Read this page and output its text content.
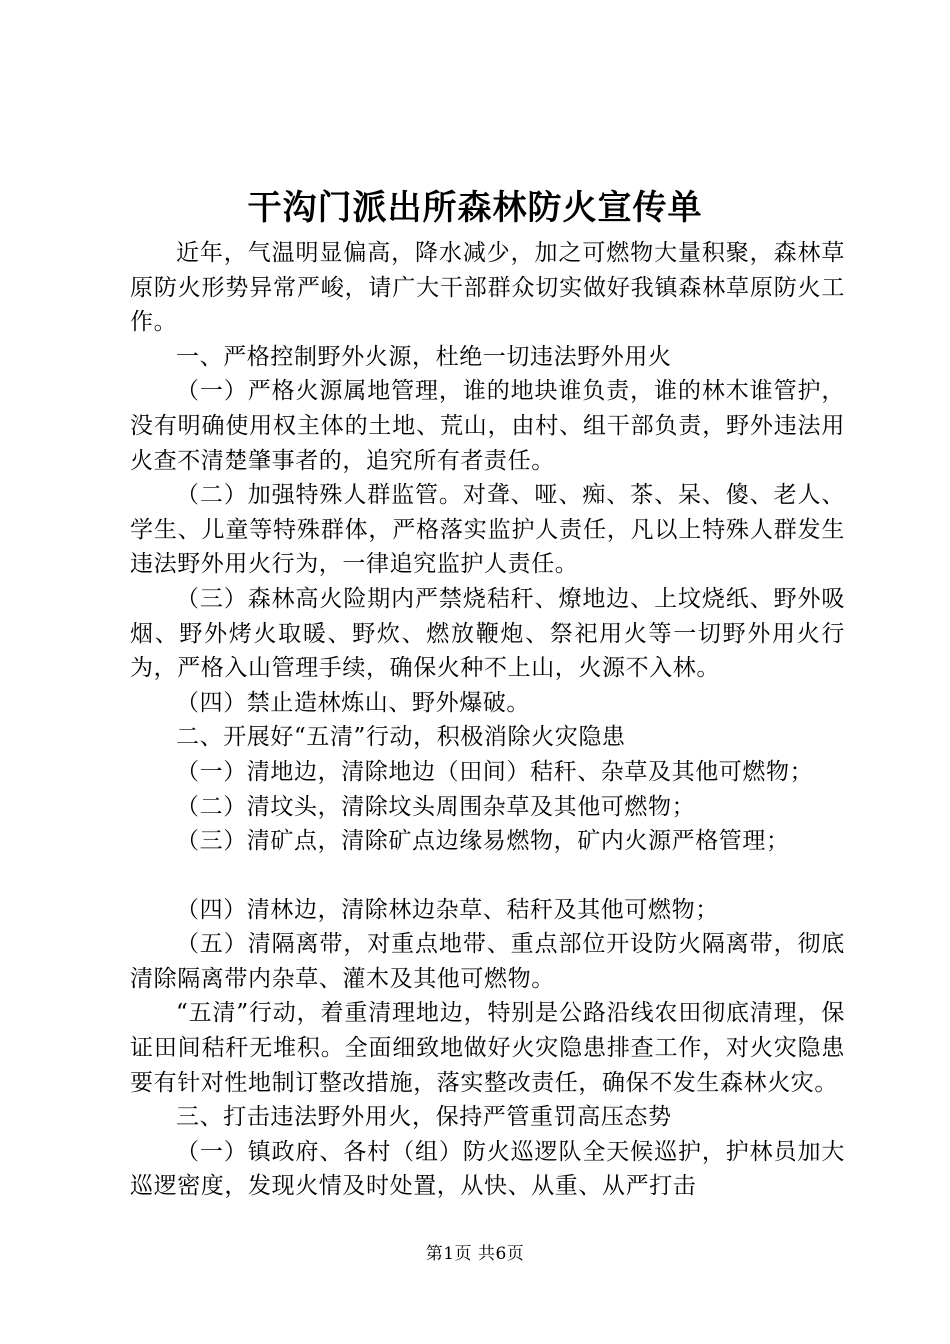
干沟门派出所森林防火宣传单

近年，气温明显偏高，降水减少，加之可燃物大量积聚，森林草原防火形势异常严峻，请广大干部群众切实做好我镇森林草原防火工作。

一、严格控制野外火源，杜绝一切违法野外用火

（一）严格火源属地管理，谁的地块谁负责，谁的林木谁管护，没有明确使用权主体的土地、荒山，由村、组干部负责，野外违法用火查不清楚肇事者的，追究所有者责任。

（二）加强特殊人群监管。对聋、哑、痴、茶、呆、傻、老人、学生、儿童等特殊群体，严格落实监护人责任，凡以上特殊人群发生违法野外用火行为，一律追究监护人责任。

（三）森林高火险期内严禁烧秸秆、燎地边、上坟烧纸、野外吸烟、野外烤火取暖、野炊、燃放鞭炮、祭祀用火等一切野外用火行为，严格入山管理手续，确保火种不上山，火源不入林。

（四）禁止造林炼山、野外爆破。

二、开展好“五清”行动，积极消除火灾隐患

（一）清地边，清除地边（田间）秸秆、杂草及其他可燃物；

（二）清坟头，清除坟头周围杂草及其他可燃物；

（三）清矿点，清除矿点边缘易燃物，矿内火源严格管理；

（四）清林边，清除林边杂草、秸秆及其他可燃物；

（五）清隔离带，对重点地带、重点部位开设防火隔离带，彻底清除隔离带内杂草、灌木及其他可燃物。

“五清”行动，着重清理地边，特别是公路沿线农田彻底清理，保证田间秸秆无堆积。全面细致地做好火灾隐患排查工作，对火灾隐患要有针对性地制订整改措施，落实整改责任，确保不发生森林火灾。

三、打击违法野外用火，保持严管重罚高压态势

（一）镇政府、各村（组）防火巡逻队全天候巡护，护林员加大巡逻密度，发现火情及时处置，从快、从重、从严打击

第1页 共6页
